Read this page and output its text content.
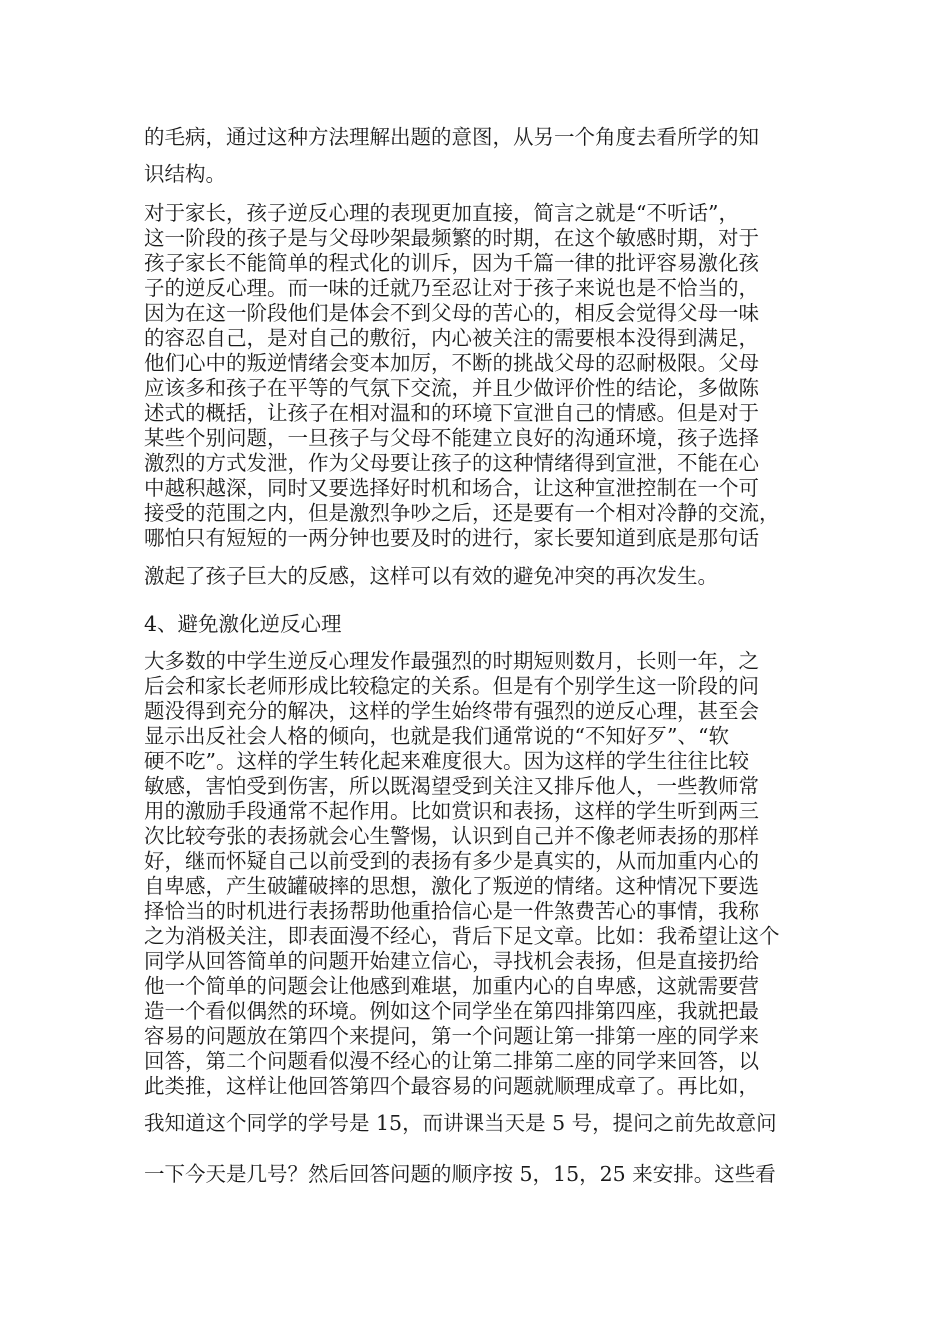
的毛病，通过这种方法理解出题的意图，从另一个角度去看所学的知
识结构。
对于家长，孩子逆反心理的表现更加直接，简言之就是“不听话”，
这一阶段的孩子是与父母吵架最频繁的时期，在这个敏感时期，对于
孩子家长不能简单的程式化的训斥，因为千篇一律的批评容易激化孩
子的逆反心理。而一味的迁就乃至忍让对于孩子来说也是不恰当的，
因为在这一阶段他们是体会不到父母的苦心的，相反会觉得父母一味
的容忍自己，是对自己的敷衍，内心被关注的需要根本没得到满足，
他们心中的叛逆情绪会变本加厉，不断的挑战父母的忍耐极限。父母
应该多和孩子在平等的气氛下交流，并且少做评价性的结论，多做陈
述式的概括，让孩子在相对温和的环境下宣泄自己的情感。但是对于
某些个别问题，一旦孩子与父母不能建立良好的沟通环境，孩子选择
激烈的方式发泄，作为父母要让孩子的这种情绪得到宣泄，不能在心
中越积越深，同时又要选择好时机和场合，让这种宣泄控制在一个可
接受的范围之内，但是激烈争吵之后，还是要有一个相对冷静的交流，
哪怕只有短短的一两分钟也要及时的进行，家长要知道到底是那句话
激起了孩子巨大的反感，这样可以有效的避免冲突的再次发生。
4、避免激化逆反心理
大多数的中学生逆反心理发作最强烈的时期短则数月，长则一年，之
后会和家长老师形成比较稳定的关系。但是有个别学生这一阶段的问
题没得到充分的解决，这样的学生始终带有强烈的逆反心理，甚至会
显示出反社会人格的倾向，也就是我们通常说的“不知好歹”、“软
硬不吃”。这样的学生转化起来难度很大。因为这样的学生往往比较
敏感，害怕受到伤害，所以既渴望受到关注又排斥他人，一些教师常
用的激励手段通常不起作用。比如赏识和表扬，这样的学生听到两三
次比较夸张的表扬就会心生警惕，认识到自己并不像老师表扬的那样
好，继而怀疑自己以前受到的表扬有多少是真实的，从而加重内心的
自卑感，产生破罐破摔的思想，激化了叛逆的情绪。这种情况下要选
择恰当的时机进行表扬帮助他重拾信心是一件煞费苦心的事情，我称
之为消极关注，即表面漫不经心，背后下足文章。比如：我希望让这个
同学从回答简单的问题开始建立信心，寻找机会表扬，但是直接扔给
他一个简单的问题会让他感到难堪，加重内心的自卑感，这就需要营
造一个看似偶然的环境。例如这个同学坐在第四排第四座，我就把最
容易的问题放在第四个来提问，第一个问题让第一排第一座的同学来
回答，第二个问题看似漫不经心的让第二排第二座的同学来回答，以
此类推，这样让他回答第四个最容易的问题就顺理成章了。再比如，
我知道这个同学的学号是 15，而讲课当天是 5 号，提问之前先故意问
一下今天是几号？然后回答问题的顺序按 5，15，25 来安排。这些看
